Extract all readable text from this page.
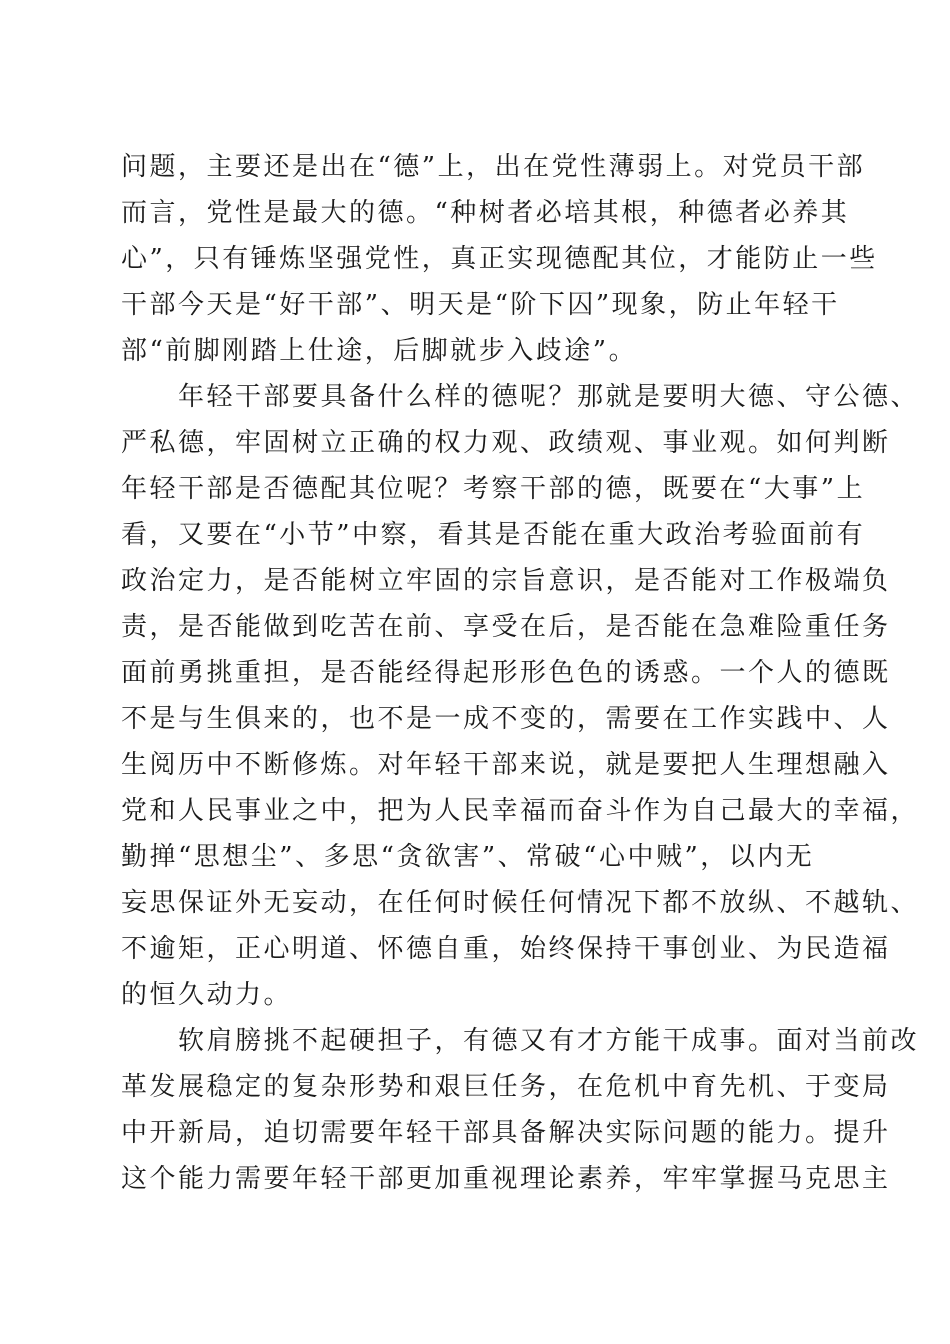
问题，主要还是出在“德”上，出在党性薄弱上。对党员干部
而言，党性是最大的德。“种树者必培其根，种德者必养其
心”，只有锤炼坚强党性，真正实现德配其位，才能防止一些
干部今天是“好干部”、明天是“阶下囚”现象，防止年轻干
部“前脚刚踏上仕途，后脚就步入歧途”。
　　年轻干部要具备什么样的德呢？那就是要明大德、守公德、
严私德，牢固树立正确的权力观、政绩观、事业观。如何判断
年轻干部是否德配其位呢？考察干部的德，既要在“大事”上
看，又要在“小节”中察，看其是否能在重大政治考验面前有
政治定力，是否能树立牢固的宗旨意识，是否能对工作极端负
责，是否能做到吃苦在前、享受在后，是否能在急难险重任务
面前勇挑重担，是否能经得起形形色色的诱惑。一个人的德既
不是与生俱来的，也不是一成不变的，需要在工作实践中、人
生阅历中不断修炼。对年轻干部来说，就是要把人生理想融入
党和人民事业之中，把为人民幸福而奋斗作为自己最大的幸福，
勤掸“思想尘”、多思“贪欲害”、常破“心中贼”，以内无
妄思保证外无妄动，在任何时候任何情况下都不放纵、不越轨、
不逾矩，正心明道、怀德自重，始终保持干事创业、为民造福
的恒久动力。
　　软肩膀挑不起硬担子，有德又有才方能干成事。面对当前改
革发展稳定的复杂形势和艰巨任务，在危机中育先机、于变局
中开新局，迫切需要年轻干部具备解决实际问题的能力。提升
这个能力需要年轻干部更加重视理论素养，牢牢掌握马克思主
